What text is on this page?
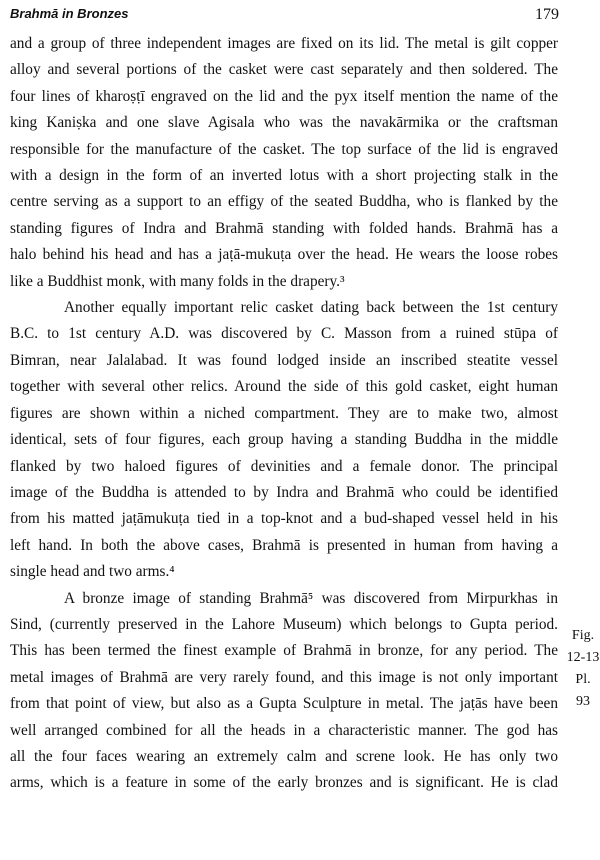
Brahmā in Bronzes	179

and a group of three independent images are fixed on its lid. The metal is gilt copper
alloy and several portions of the casket were cast separately and then soldered. The
four lines of kharoṣṭī engraved on the lid and the pyx itself mention the name of the
king Kaniṣka and one slave Agisala who was the navakārmika or the craftsman
responsible for the manufacture of the casket. The top surface of the lid is engraved
with a design in the form of an inverted lotus with a short projecting stalk in the
centre serving as a support to an effigy of the seated Buddha, who is flanked by the
standing figures of Indra and Brahmā standing with folded hands. Brahmā has a
halo behind his head and has a jaṭā-mukuṭa over the head. He wears the loose robes
like a Buddhist monk, with many folds in the drapery.³

Another equally important relic casket dating back between the 1st century
B.C. to 1st century A.D. was discovered by C. Masson from a ruined stūpa of
Bimran, near Jalalabad. It was found lodged inside an inscribed steatite vessel
together with several other relics. Around the side of this gold casket, eight human
figures are shown within a niched compartment. They are to make two, almost
identical, sets of four figures, each group having a standing Buddha in the middle
flanked by two haloed figures of devinities and a female donor. The principal
image of the Buddha is attended to by Indra and Brahmā who could be identified
from his matted jaṭāmukuṭa tied in a top-knot and a bud-shaped vessel held in his
left hand. In both the above cases, Brahmā is presented in human from having a
single head and two arms.⁴

A bronze image of standing Brahmā⁵ was discovered from Mirpurkhas in
Sind, (currently preserved in the Lahore Museum) which belongs to Gupta period.
This has been termed the finest example of Brahmā in bronze, for any period. The
metal images of Brahmā are very rarely found, and this image is not only important
from that point of view, but also as a Gupta Sculpture in metal. The jaṭās have been
well arranged combined for all the heads in a characteristic manner. The god has
all the four faces wearing an extremely calm and screne look. He has only two
arms, which is a feature in some of the early bronzes and is significant. He is clad

Fig.
12-13
Pl.
93
